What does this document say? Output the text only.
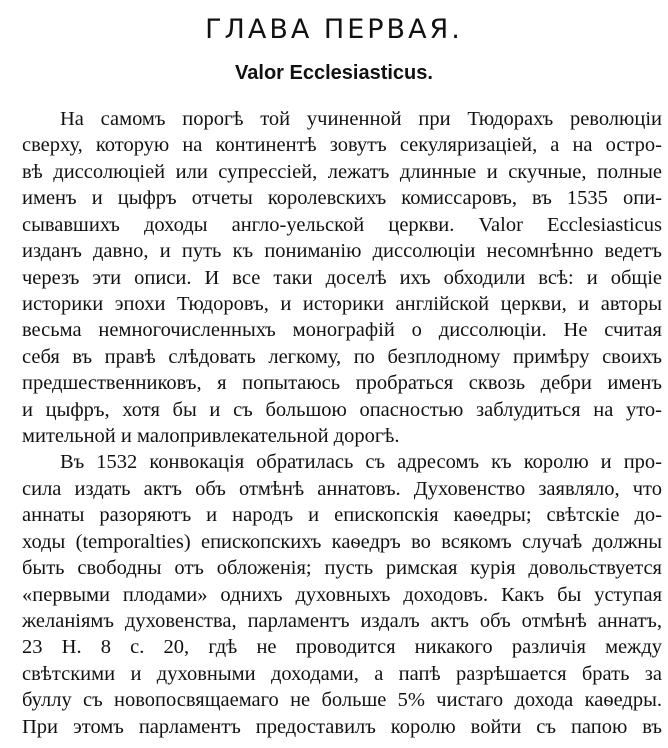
ГЛАВА ПЕРВАЯ.
Valor Ecclesiasticus.
На самомъ порогѣ той учиненной при Тюдорахъ революціи
сверху, которую на континентѣ зовутъ секуляризаціей, а на остро-
вѣ диссолюціей или супрессіей, лежатъ длинные и скучные, полные
именъ и цыфръ отчеты королевскихъ комиссаровъ, въ 1535 опи-
сывавшихъ доходы англо-уельской церкви. Valor Ecclesiasticus
изданъ давно, и путь къ пониманію диссолюціи несомнѣнно ведетъ
черезъ эти описи. И все таки доселѣ ихъ обходили всѣ: и общіе
историки эпохи Тюдоровъ, и историки англійской церкви, и авторы
весьма немногочисленныхъ монографій о диссолюціи. Не считая
себя въ правѣ слѣдовать легкому, по безплодному примѣру своихъ
предшественниковъ, я попытаюсь пробраться сквозь дебри именъ
и цыфръ, хотя бы и съ большою опасностью заблудиться на уто-
мительной и малопривлекательной дорогѣ.
Въ 1532 конвокація обратилась съ адресомъ къ королю и про-
сила издать актъ объ отмѣнѣ аннатовъ. Духовенство заявляло, что
аннаты разоряютъ и народъ и епископскія каѳедры; свѣтскіе до-
ходы (temporalties) епископскихъ каѳедръ во всякомъ случаѣ должны
быть свободны отъ обложенія; пусть римская курія довольствуется
«первыми плодами» однихъ духовныхъ доходовъ. Какъ бы уступая
желаніямъ духовенства, парламентъ издалъ актъ объ отмѣнѣ аннатъ,
23 H. 8 c. 20, гдѣ не проводится никакого различія между
свѣтскими и духовными доходами, а папѣ разрѣшается брать за
буллу съ новопосвящаемаго не больше 5% чистаго дохода каѳедры.
При этомъ парламентъ предоставилъ королю войти съ папою въ
